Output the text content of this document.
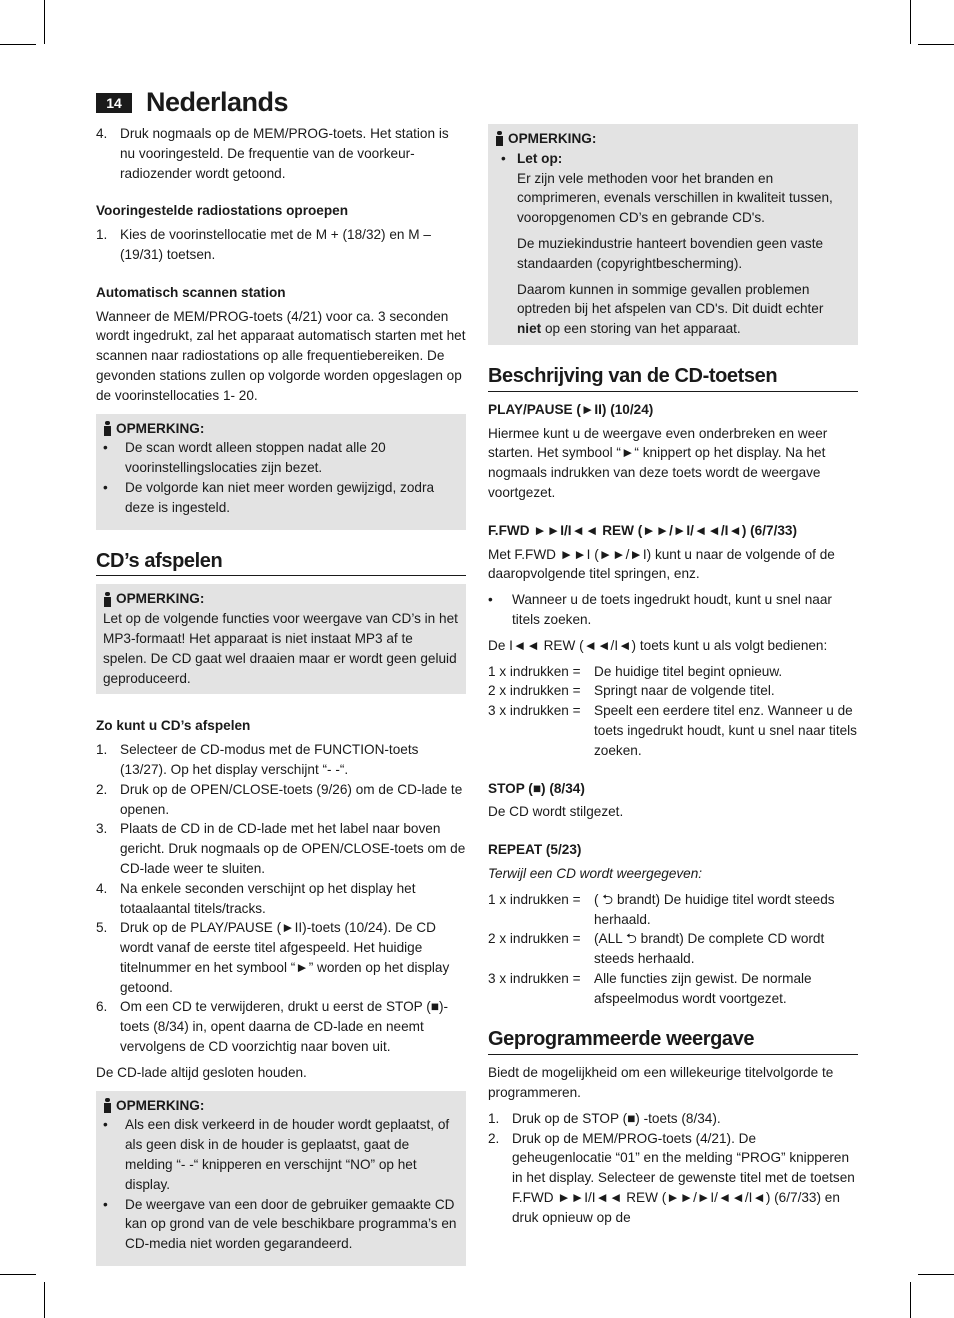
14 Nederlands
4. Druk nogmaals op de MEM/PROG-toets. Het station is nu vooringesteld. De frequentie van de voorkeur-radiozender wordt getoond.
Vooringestelde radiostations oproepen
1. Kies de voorinstellocatie met de M + (18/32) en M – (19/31) toetsen.
Automatisch scannen station

Wanneer de MEM/PROG-toets (4/21) voor ca. 3 seconden wordt ingedrukt, zal het apparaat automatisch starten met het scannen naar radiostations op alle frequentiebereiken. De gevonden stations zullen op volgorde worden opgeslagen op de voorinstellocaties 1- 20.

OPMERKING:
• De scan wordt alleen stoppen nadat alle 20 voorinstellingslocaties zijn bezet.
• De volgorde kan niet meer worden gewijzigd, zodra deze is ingesteld.
CD’s afspelen
OPMERKING:
Let op de volgende functies voor weergave van CD’s in het MP3-formaat! Het apparaat is niet instaat MP3 af te spelen. De CD gaat wel draaien maar er wordt geen geluid geproduceerd.
Zo kunt u CD’s afspelen
1. Selecteer de CD-modus met de FUNCTION-toets (13/27). Op het display verschijnt “- -“.
2. Druk op de OPEN/CLOSE-toets (9/26) om de CD-lade te openen.
3. Plaats de CD in de CD-lade met het label naar boven gericht. Druk nogmaals op de OPEN/CLOSE-toets om de CD-lade weer te sluiten.
4. Na enkele seconden verschijnt op het display het totaalaantal titels/tracks.
5. Druk op de PLAY/PAUSE (►II)-toets (10/24). De CD wordt vanaf de eerste titel afgespeeld. Het huidige titelnummer en het symbool “►” worden op het display getoond.
6. Om een CD te verwijderen, drukt u eerst de STOP (■)-toets (8/34) in, opent daarna de CD-lade en neemt vervolgens de CD voorzichtig naar boven uit.

De CD-lade altijd gesloten houden.

OPMERKING:
• Als een disk verkeerd in de houder wordt geplaatst, of als geen disk in de houder is geplaatst, gaat de melding “- -“ knipperen en verschijnt “NO” op het display.
• De weergave van een door de gebruiker gemaakte CD kan op grond van de vele beschikbare programma’s en CD-media niet worden gegarandeerd.
OPMERKING:
• Let op:

Er zijn vele methoden voor het branden en comprimeren, evenals verschillen in kwaliteit tussen, vooropgenomen CD’s en gebrande CD's.

De muziekindustrie hanteert bovendien geen vaste standaarden (copyrightbescherming).

Daarom kunnen in sommige gevallen problemen optreden bij het afspelen van CD's. Dit duidt echter niet op een storing van het apparaat.

Beschrijving van de CD-toetsen
PLAY/PAUSE (►II) (10/24)

Hiermee kunt u de weergave even onderbreken en weer starten. Het symbool “►“ knippert op het display. Na het nogmaals indrukken van deze toets wordt de weergave voortgezet.

F.FWD ►►I/I◄◄ REW (►►/►I/◄◄/I◄) (6/7/33)

Met F.FWD ►►I (►►/►I) kunt u naar de volgende of de daaropvolgende titel springen, enz.

• Wanneer u de toets ingedrukt houdt, kunt u snel naar titels zoeken.

De I◄◄ REW (◄◄/I◄) toets kunt u als volgt bedienen:

1 x indrukken = De huidige titel begint opnieuw.
2 x indrukken = Springt naar de volgende titel.
3 x indrukken = Speelt een eerdere titel enz. Wanneer u de toets ingedrukt houdt, kunt u snel naar titels zoeken.
STOP (■) (8/34)

De CD wordt stilgezet.

REPEAT (5/23)

Terwijl een CD wordt weergegeven:

1 x indrukken = ( ⮌ brandt) De huidige titel wordt steeds herhaald.
2 x indrukken = (ALL ⮌ brandt) De complete CD wordt steeds herhaald.
3 x indrukken = Alle functies zijn gewist. De normale afspeelmodus wordt voortgezet.
Geprogrammeerde weergave

Biedt de mogelijkheid om een willekeurige titelvolgorde te programmeren.

1. Druk op de STOP (■) -toets (8/34).
2. Druk op de MEM/PROG-toets (4/21). De geheugenlocatie “01” en the melding “PROG” knipperen in het display. Selecteer de gewenste titel met de toetsen F.FWD ►►I/I◄◄ REW (►►/►I/◄◄/I◄) (6/7/33) en druk opnieuw op de
